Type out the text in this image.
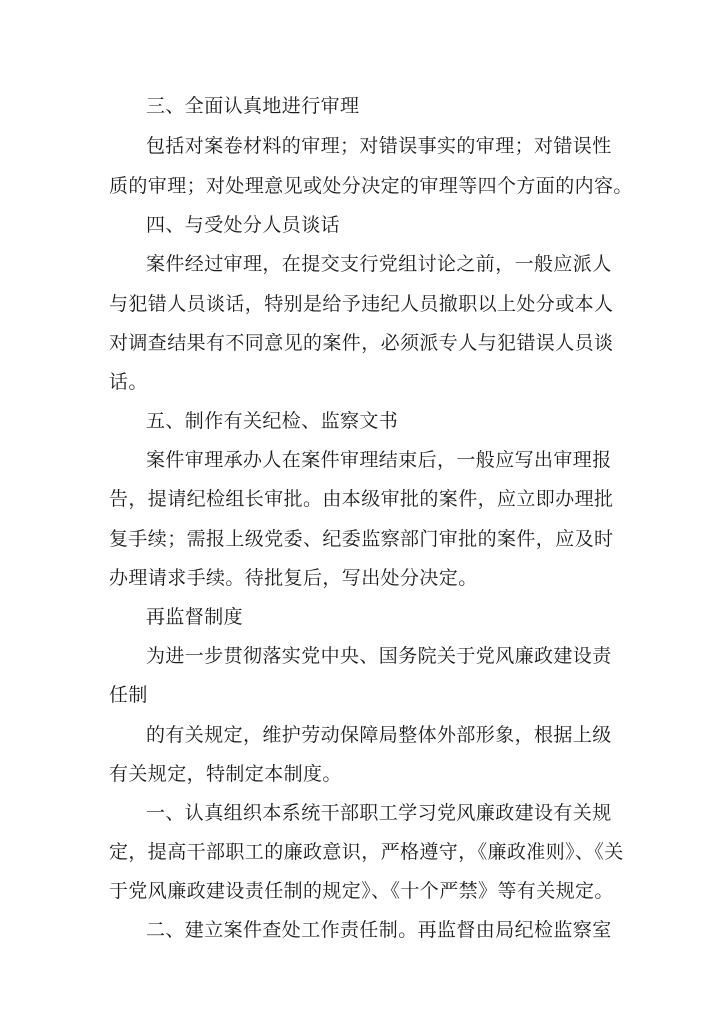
三、全面认真地进行审理
包括对案卷材料的审理；对错误事实的审理；对错误性
质的审理；对处理意见或处分决定的审理等四个方面的内容。
四、与受处分人员谈话
案件经过审理，在提交支行党组讨论之前，一般应派人
与犯错人员谈话，特别是给予违纪人员撤职以上处分或本人
对调查结果有不同意见的案件，必须派专人与犯错误人员谈
话。
五、制作有关纪检、监察文书
案件审理承办人在案件审理结束后，一般应写出审理报
告，提请纪检组长审批。由本级审批的案件，应立即办理批
复手续；需报上级党委、纪委监察部门审批的案件，应及时
办理请求手续。待批复后，写出处分决定。
再监督制度
为进一步贯彻落实党中央、国务院关于党风廉政建设责
任制
的有关规定，维护劳动保障局整体外部形象，根据上级
有关规定，特制定本制度。
一、认真组织本系统干部职工学习党风廉政建设有关规
定，提高干部职工的廉政意识，严格遵守，《廉政准则》、《关
于党风廉政建设责任制的规定》、《十个严禁》等有关规定。
二、建立案件查处工作责任制。再监督由局纪检监察室
